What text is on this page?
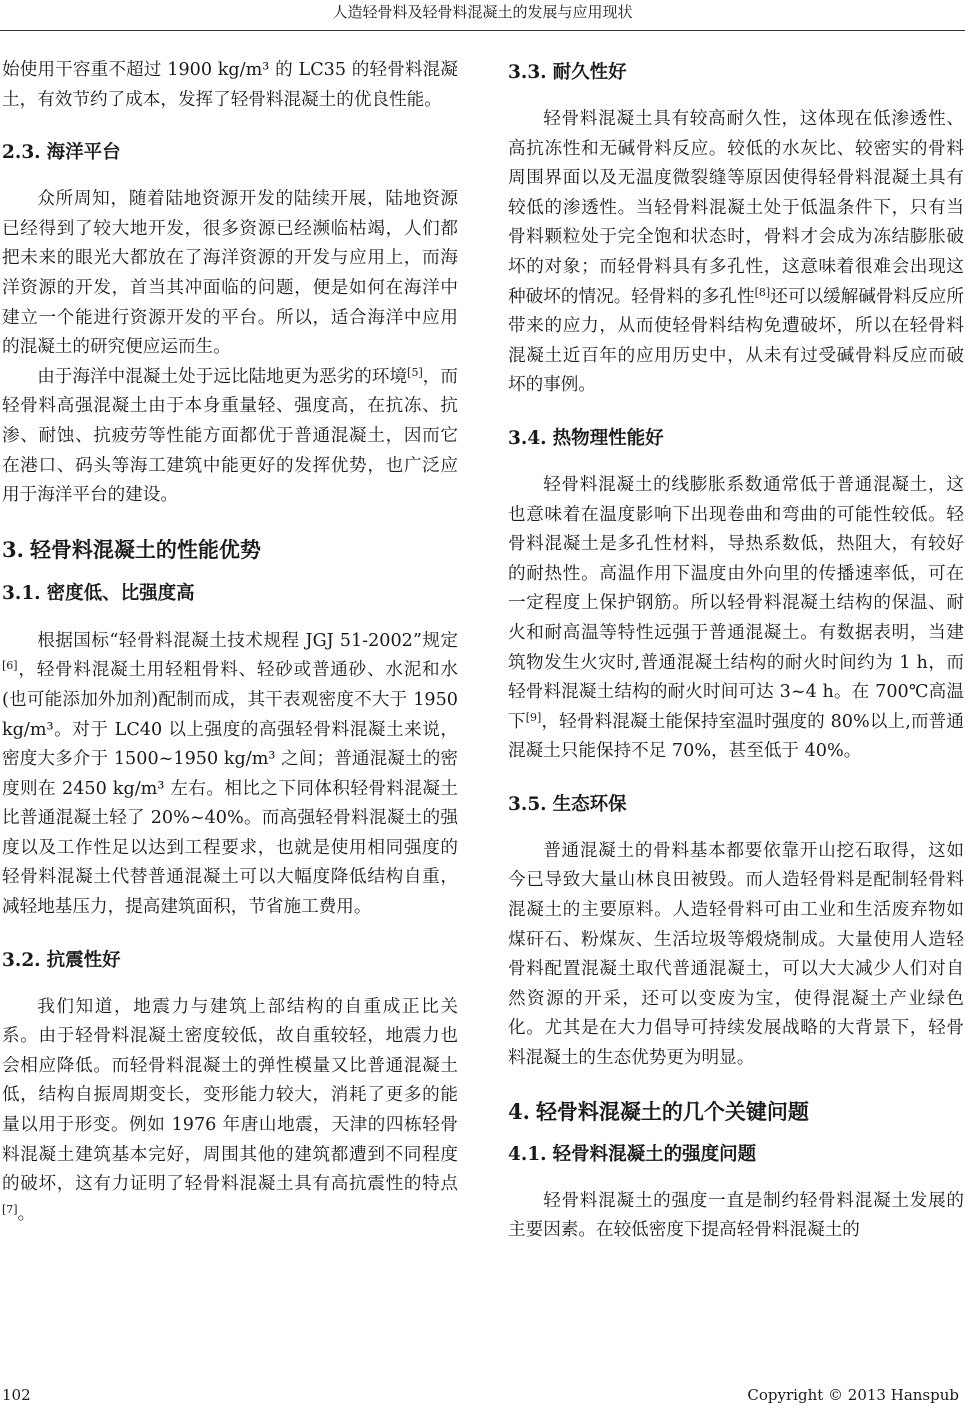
人造轻骨料及轻骨料混凝土的发展与应用现状

始使用干容重不超过 1900 kg/m³ 的 LC35 的轻骨料混凝土，有效节约了成本，发挥了轻骨料混凝土的优良性能。

2.3. 海洋平台

众所周知，随着陆地资源开发的陆续开展，陆地资源已经得到了较大地开发，很多资源已经濒临枯竭，人们都把未来的眼光大都放在了海洋资源的开发与应用上，而海洋资源的开发，首当其冲面临的问题，便是如何在海洋中建立一个能进行资源开发的平台。所以，适合海洋中应用的混凝土的研究便应运而生。

由于海洋中混凝土处于远比陆地更为恶劣的环境[5]，而轻骨料高强混凝土由于本身重量轻、强度高，在抗冻、抗渗、耐蚀、抗疲劳等性能方面都优于普通混凝土，因而它在港口、码头等海工建筑中能更好的发挥优势，也广泛应用于海洋平台的建设。

3. 轻骨料混凝土的性能优势
3.1. 密度低、比强度高

根据国标“轻骨料混凝土技术规程 JGJ 51-2002”规定[6]，轻骨料混凝土用轻粗骨料、轻砂或普通砂、水泥和水(也可能添加外加剂)配制而成，其干表观密度不大于 1950 kg/m³。对于 LC40 以上强度的高强轻骨料混凝土来说，密度大多介于 1500~1950 kg/m³ 之间；普通混凝土的密度则在 2450 kg/m³ 左右。相比之下同体积轻骨料混凝土比普通混凝土轻了 20%~40%。而高强轻骨料混凝土的强度以及工作性足以达到工程要求，也就是使用相同强度的轻骨料混凝土代替普通混凝土可以大幅度降低结构自重，减轻地基压力，提高建筑面积，节省施工费用。

3.2. 抗震性好

我们知道，地震力与建筑上部结构的自重成正比关系。由于轻骨料混凝土密度较低，故自重较轻，地震力也会相应降低。而轻骨料混凝土的弹性模量又比普通混凝土低，结构自振周期变长，变形能力较大，消耗了更多的能量以用于形变。例如 1976 年唐山地震，天津的四栋轻骨料混凝土建筑基本完好，周围其他的建筑都遭到不同程度的破坏，这有力证明了轻骨料混凝土具有高抗震性的特点[7]。

3.3. 耐久性好

轻骨料混凝土具有较高耐久性，这体现在低渗透性、高抗冻性和无碱骨料反应。较低的水灰比、较密实的骨料周围界面以及无温度微裂缝等原因使得轻骨料混凝土具有较低的渗透性。当轻骨料混凝土处于低温条件下，只有当骨料颗粒处于完全饱和状态时，骨料才会成为冻结膨胀破坏的对象；而轻骨料具有多孔性，这意味着很难会出现这种破坏的情况。轻骨料的多孔性[8]还可以缓解碱骨料反应所带来的应力，从而使轻骨料结构免遭破坏，所以在轻骨料混凝土近百年的应用历史中，从未有过受碱骨料反应而破坏的事例。

3.4. 热物理性能好

轻骨料混凝土的线膨胀系数通常低于普通混凝土，这也意味着在温度影响下出现卷曲和弯曲的可能性较低。轻骨料混凝土是多孔性材料，导热系数低，热阻大，有较好的耐热性。高温作用下温度由外向里的传播速率低，可在一定程度上保护钢筋。所以轻骨料混凝土结构的保温、耐火和耐高温等特性远强于普通混凝土。有数据表明，当建筑物发生火灾时,普通混凝土结构的耐火时间约为 1 h，而轻骨料混凝土结构的耐火时间可达 3~4 h。在 700℃高温下[9]，轻骨料混凝土能保持室温时强度的 80%以上,而普通混凝土只能保持不足 70%，甚至低于 40%。

3.5. 生态环保

普通混凝土的骨料基本都要依靠开山挖石取得，这如今已导致大量山林良田被毁。而人造轻骨料是配制轻骨料混凝土的主要原料。人造轻骨料可由工业和生活废弃物如煤矸石、粉煤灰、生活垃圾等煅烧制成。大量使用人造轻骨料配置混凝土取代普通混凝土，可以大大减少人们对自然资源的开采，还可以变废为宝，使得混凝土产业绿色化。尤其是在大力倡导可持续发展战略的大背景下，轻骨料混凝土的生态优势更为明显。

4. 轻骨料混凝土的几个关键问题
4.1. 轻骨料混凝土的强度问题

轻骨料混凝土的强度一直是制约轻骨料混凝土发展的主要因素。在较低密度下提高轻骨料混凝土的

102	Copyright © 2013 Hanspub
